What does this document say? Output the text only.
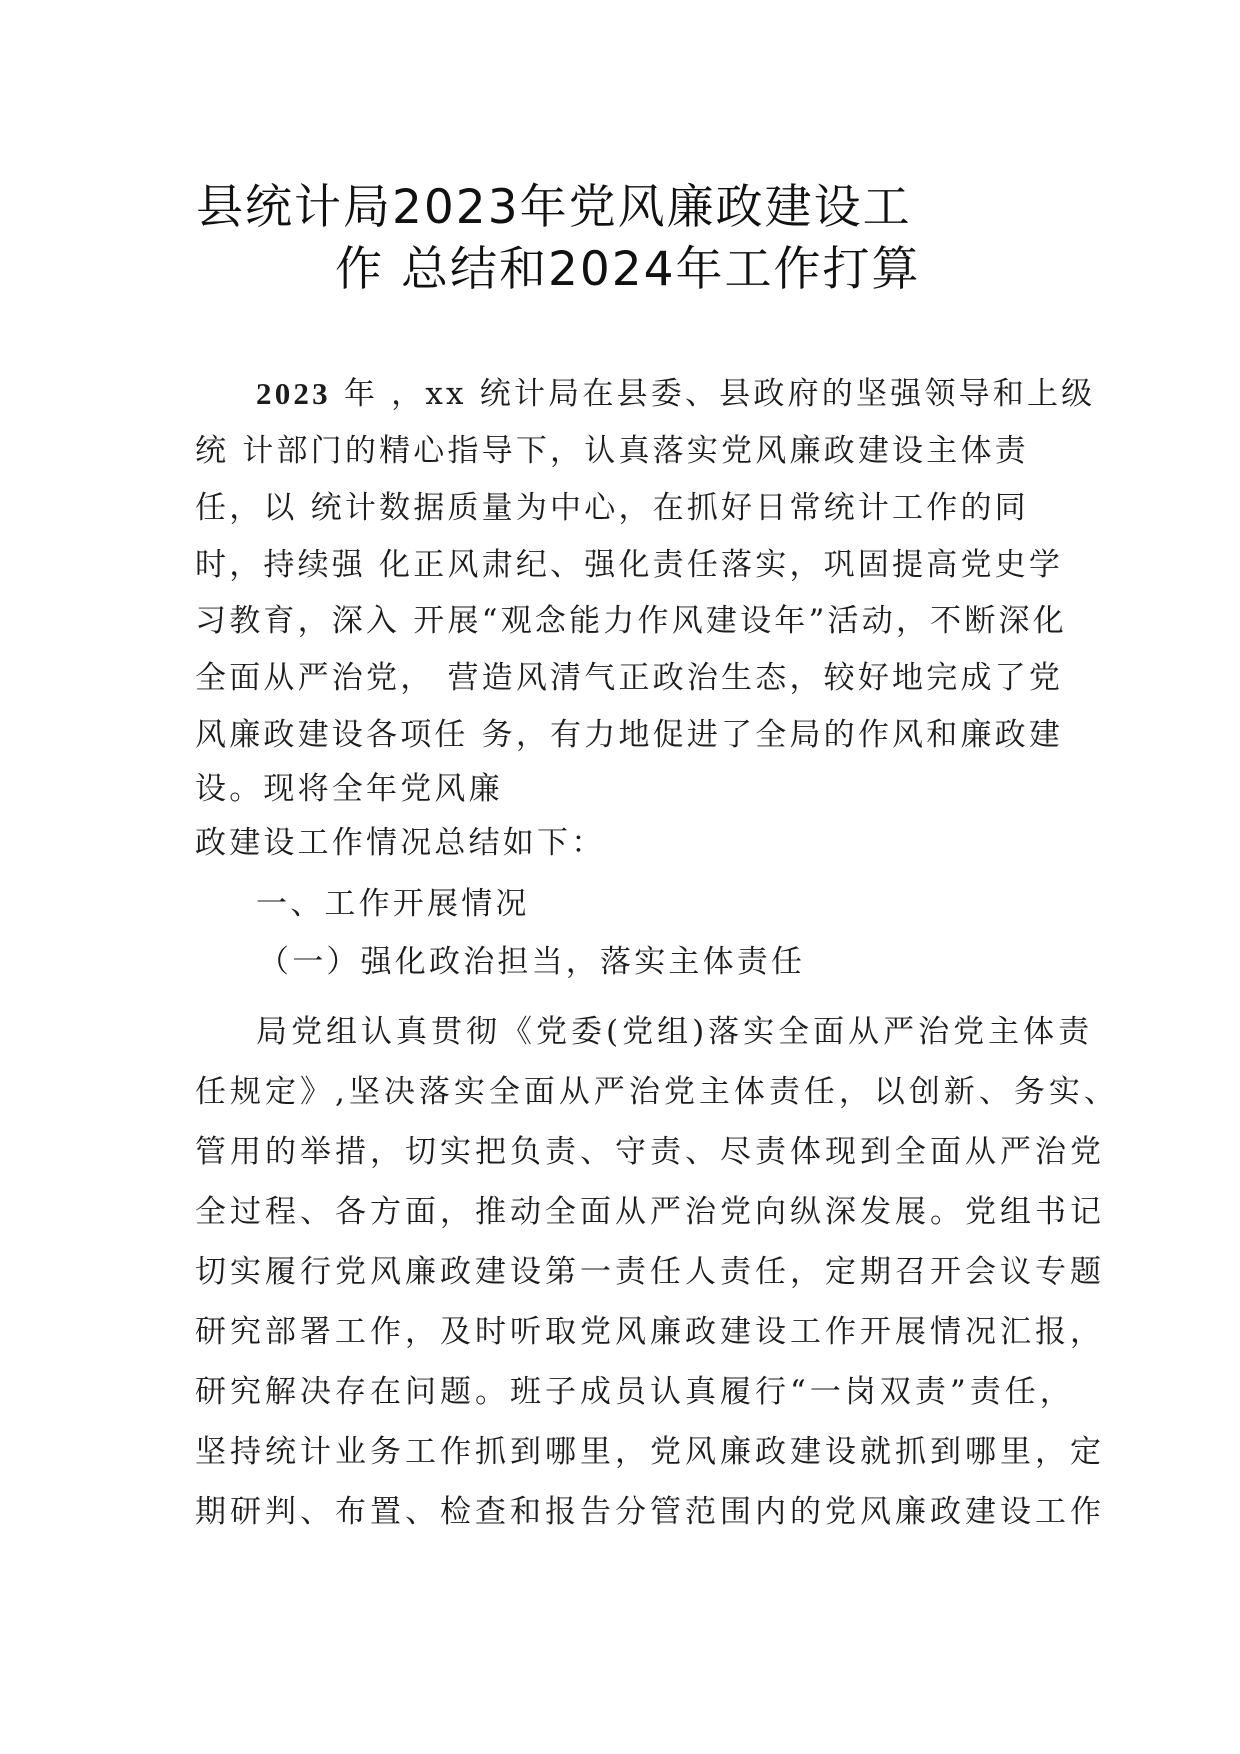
县统计局2023年党风廉政建设工
作 总结和2024年工作打算
2023 年 ，xx 统计局在县委、县政府的坚强领导和上级
统 计部门的精心指导下，认真落实党风廉政建设主体责
任，以 统计数据质量为中心，在抓好日常统计工作的同
时，持续强 化正风肃纪、强化责任落实，巩固提高党史学
习教育，深入 开展“观念能力作风建设年”活动，不断深化
全面从严治党， 营造风清气正政治生态，较好地完成了党
风廉政建设各项任 务，有力地促进了全局的作风和廉政建
设。现将全年党风廉
政建设工作情况总结如下：
一、工作开展情况
（一）强化政治担当，落实主体责任
局党组认真贯彻《党委(党组)落实全面从严治党主体责
任规定》,坚决落实全面从严治党主体责任，以创新、务实、
管用的举措，切实把负责、守责、尽责体现到全面从严治党
全过程、各方面，推动全面从严治党向纵深发展。党组书记
切实履行党风廉政建设第一责任人责任，定期召开会议专题
研究部署工作，及时听取党风廉政建设工作开展情况汇报，
研究解决存在问题。班子成员认真履行“一岗双责”责任，
坚持统计业务工作抓到哪里，党风廉政建设就抓到哪里，定
期研判、布置、检查和报告分管范围内的党风廉政建设工作
